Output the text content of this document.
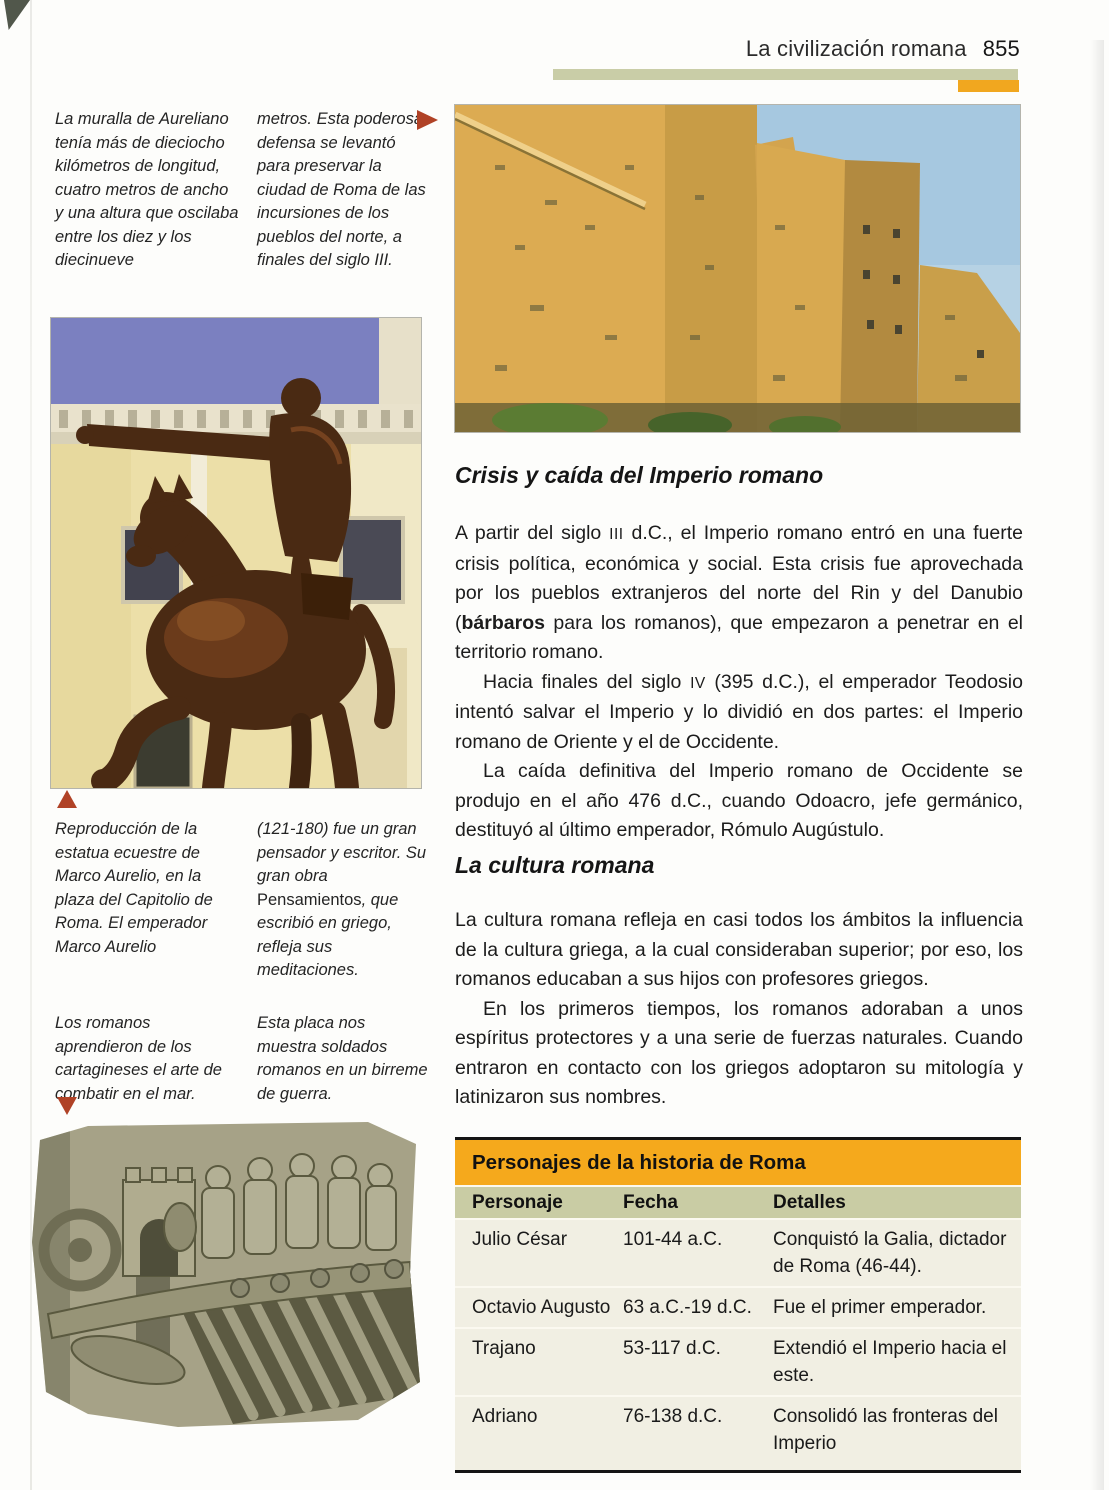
La civilización romana 855
La muralla de Aureliano tenía más de dieciocho kilómetros de longitud, cuatro metros de ancho y una altura que oscilaba entre los diez y los diecinueve
metros. Esta poderosa defensa se levantó para preservar la ciudad de Roma de las incursiones de los pueblos del norte, a finales del siglo III.
Reproducción de la estatua ecuestre de Marco Aurelio, en la plaza del Capitolio de Roma. El emperador Marco Aurelio
(121-180) fue un gran pensador y escritor. Su gran obra Pensamientos, que escribió en griego, refleja sus meditaciones.
Los romanos aprendieron de los cartagineses el arte de combatir en el mar.
Esta placa nos muestra soldados romanos en un birreme de guerra.
Crisis y caída del Imperio romano

A partir del siglo III d.C., el Imperio romano entró en una fuerte crisis política, económica y social. Esta crisis fue aprovechada por los pueblos extranjeros del norte del Rin y del Danubio (bárbaros para los romanos), que empezaron a penetrar en el territorio romano.

Hacia finales del siglo IV (395 d.C.), el emperador Teodosio intentó salvar el Imperio y lo dividió en dos partes: el Imperio romano de Oriente y el de Occidente.

La caída definitiva del Imperio romano de Occidente se produjo en el año 476 d.C., cuando Odoacro, jefe germánico, destituyó al último emperador, Rómulo Augústulo.

La cultura romana

La cultura romana refleja en casi todos los ámbitos la influencia de la cultura griega, a la cual consideraban superior; por eso, los romanos educaban a sus hijos con profesores griegos.

En los primeros tiempos, los romanos adoraban a unos espíritus protectores y a una serie de fuerzas naturales. Cuando entraron en contacto con los griegos adoptaron su mitología y latinizaron sus nombres.

Personajes de la historia de Roma
Personaje	Fecha	Detalles
Julio César	101-44 a.C.	Conquistó la Galia, dictador de Roma (46-44).
Octavio Augusto 63 a.C.-19 d.C.	Fue el primer emperador.
Trajano	53-117 d.C.	Extendió el Imperio hacia el este.
Adriano	76-138 d.C.	Consolidó las fronteras del Imperio
